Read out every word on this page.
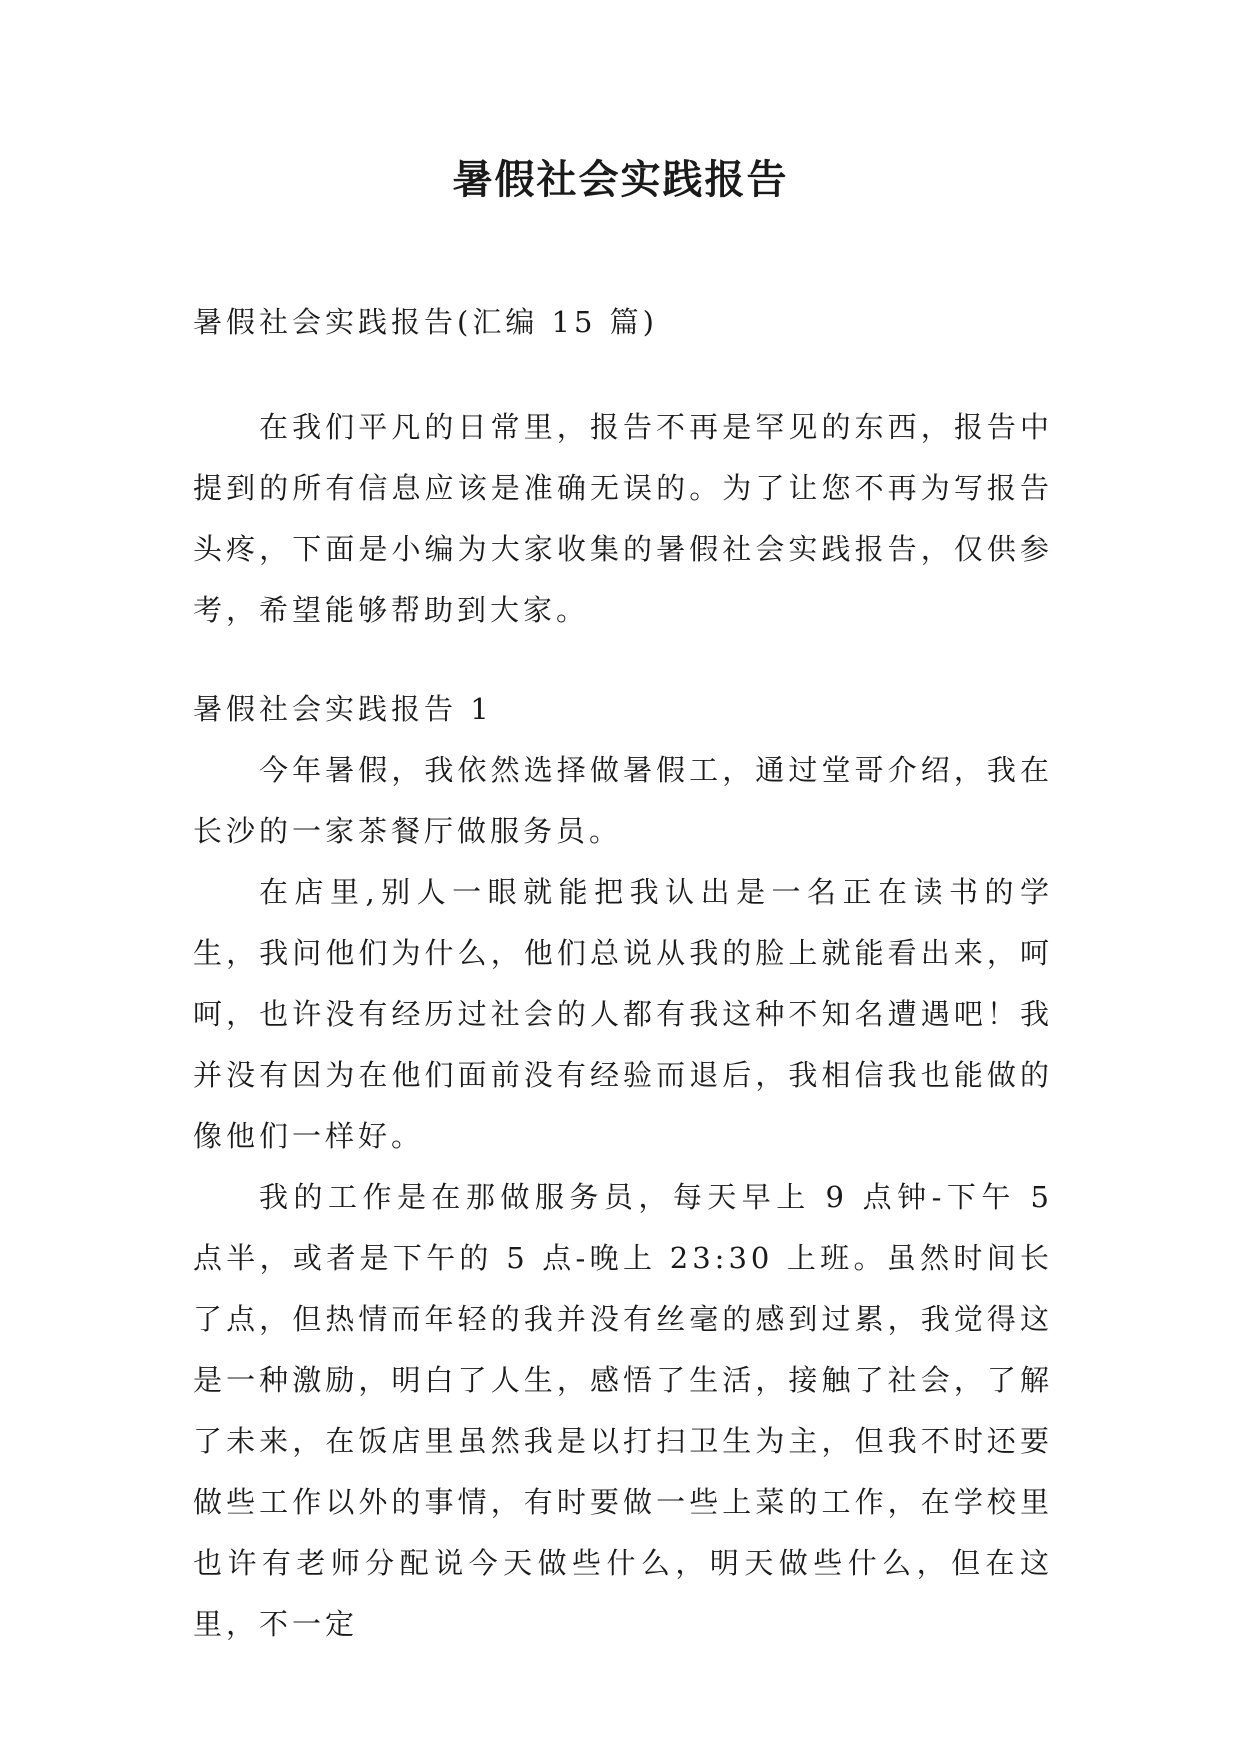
暑假社会实践报告

暑假社会实践报告(汇编 15 篇)

在我们平凡的日常里，报告不再是罕见的东西，报告中提到的所有信息应该是准确无误的。为了让您不再为写报告头疼，下面是小编为大家收集的暑假社会实践报告，仅供参考，希望能够帮助到大家。

暑假社会实践报告 1

今年暑假，我依然选择做暑假工，通过堂哥介绍，我在长沙的一家茶餐厅做服务员。

在店里,别人一眼就能把我认出是一名正在读书的学生，我问他们为什么，他们总说从我的脸上就能看出来，呵呵，也许没有经历过社会的人都有我这种不知名遭遇吧！我并没有因为在他们面前没有经验而退后，我相信我也能做的像他们一样好。

我的工作是在那做服务员，每天早上 9 点钟-下午 5 点半，或者是下午的 5 点-晚上 23:30 上班。虽然时间长了点，但热情而年轻的我并没有丝毫的感到过累，我觉得这是一种激励，明白了人生，感悟了生活，接触了社会，了解了未来，在饭店里虽然我是以打扫卫生为主，但我不时还要做些工作以外的事情，有时要做一些上菜的工作，在学校里也许有老师分配说今天做些什么，明天做些什么，但在这里，不一定
